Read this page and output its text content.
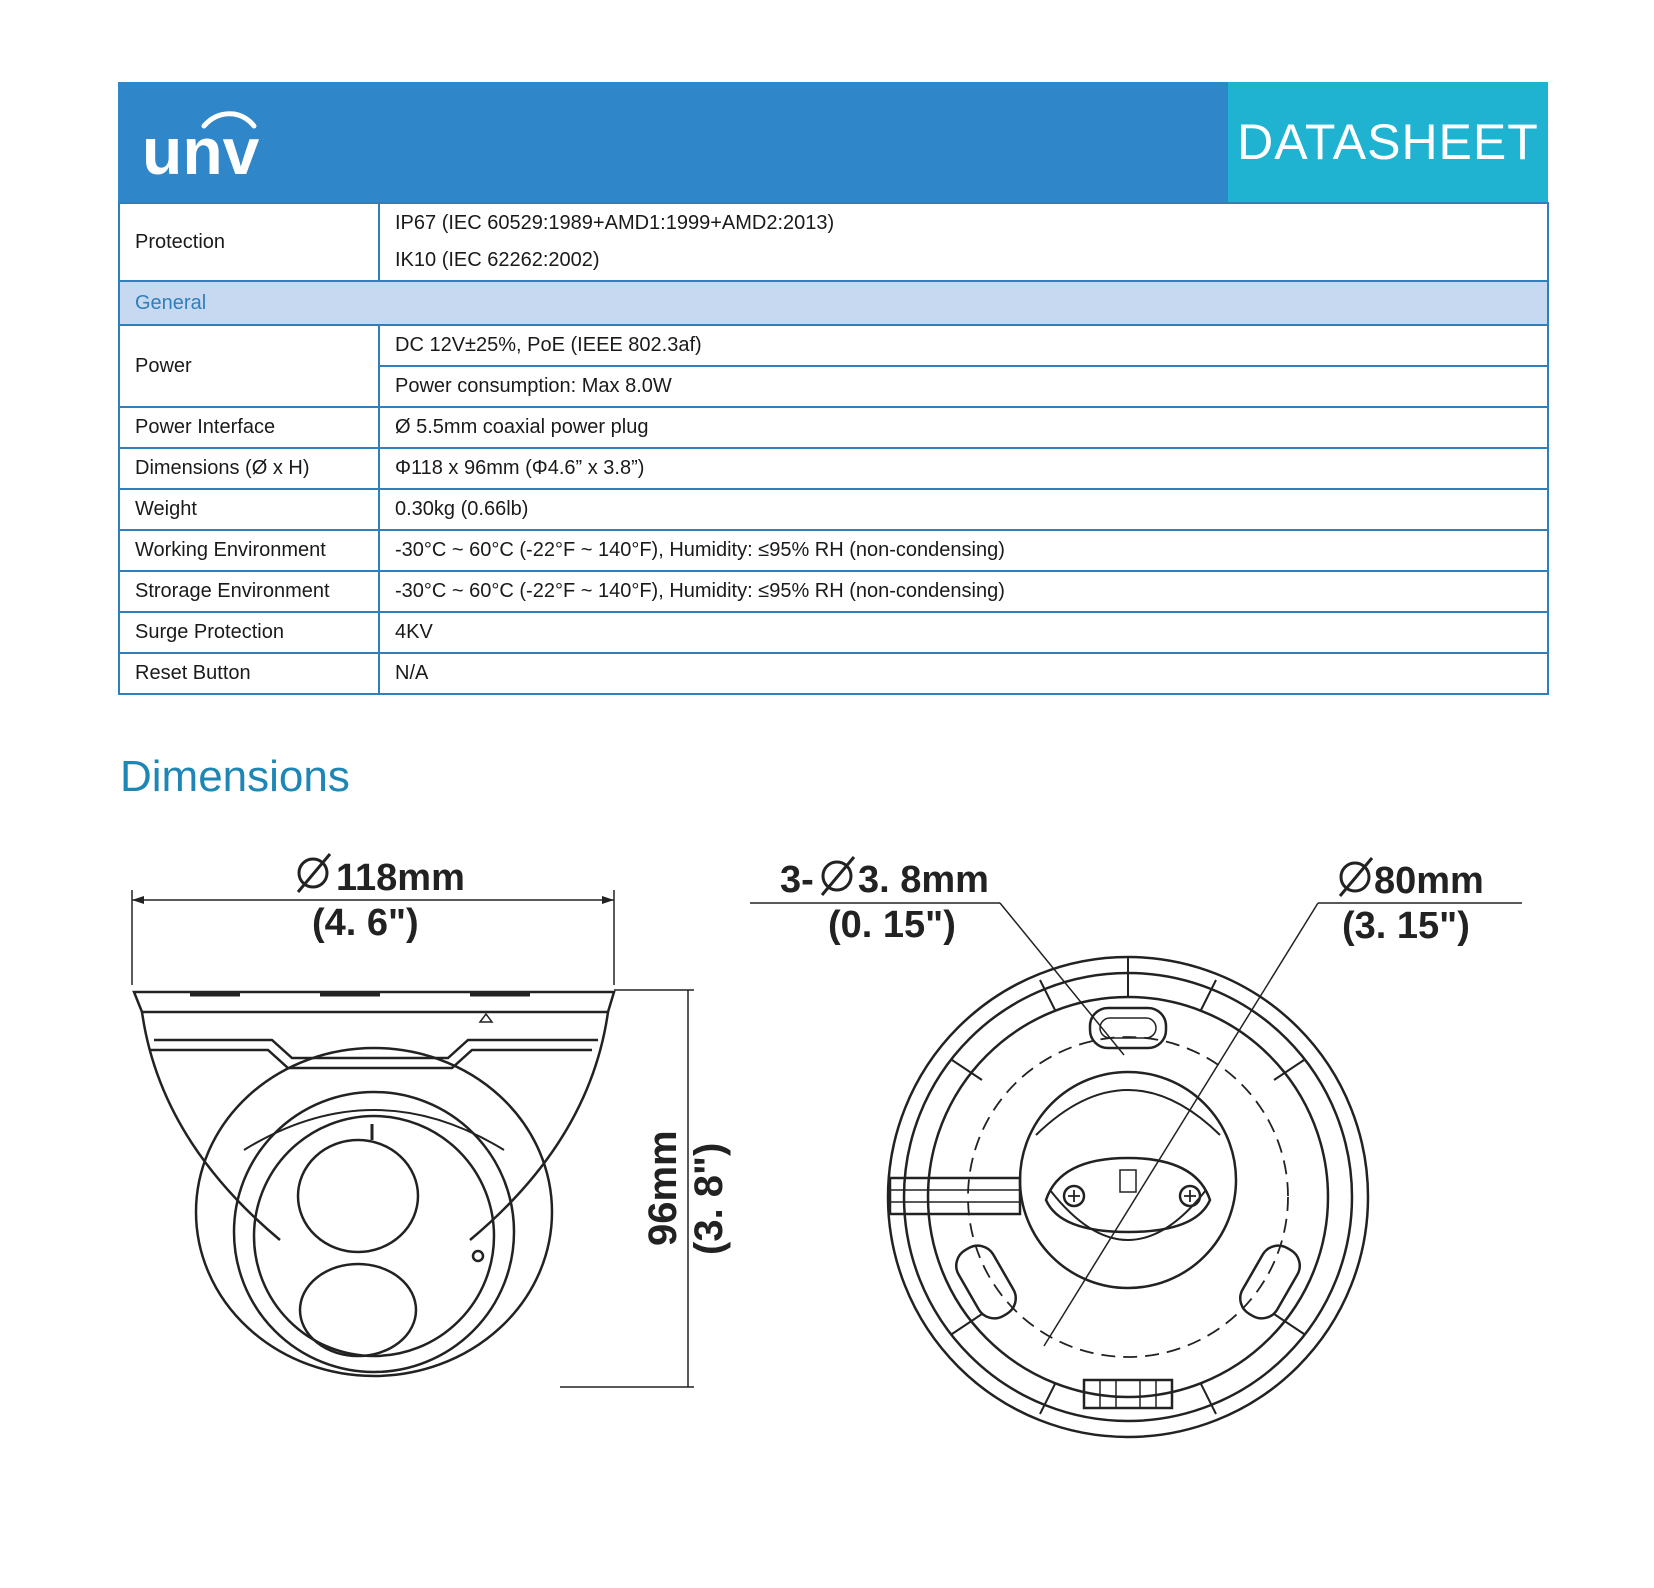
unv	DATASHEET
Protection	IP67 (IEC 60529:1989+AMD1:1999+AMD2:2013)
IK10 (IEC 62262:2002)

General	
Power	DC 12V±25%, PoE (IEEE 802.3af)
	Power consumption: Max 8.0W
Power Interface	Ø 5.5mm coaxial power plug
Dimensions (Ø x H)	Φ118 x 96mm (Φ4.6” x 3.8”)
Weight	0.30kg (0.66lb)
Working Environment	-30°C ~ 60°C (-22°F ~ 140°F), Humidity: ≤95% RH (non-condensing)
Strorage Environment	-30°C ~ 60°C (-22°F ~ 140°F), Humidity: ≤95% RH (non-condensing)
Surge Protection	4KV
Reset Button	N/A
Dimensions
118mm
(4. 6")
3- 3. 8mm
(0. 15")
80mm
(3. 15")
96mm (3. 8")
